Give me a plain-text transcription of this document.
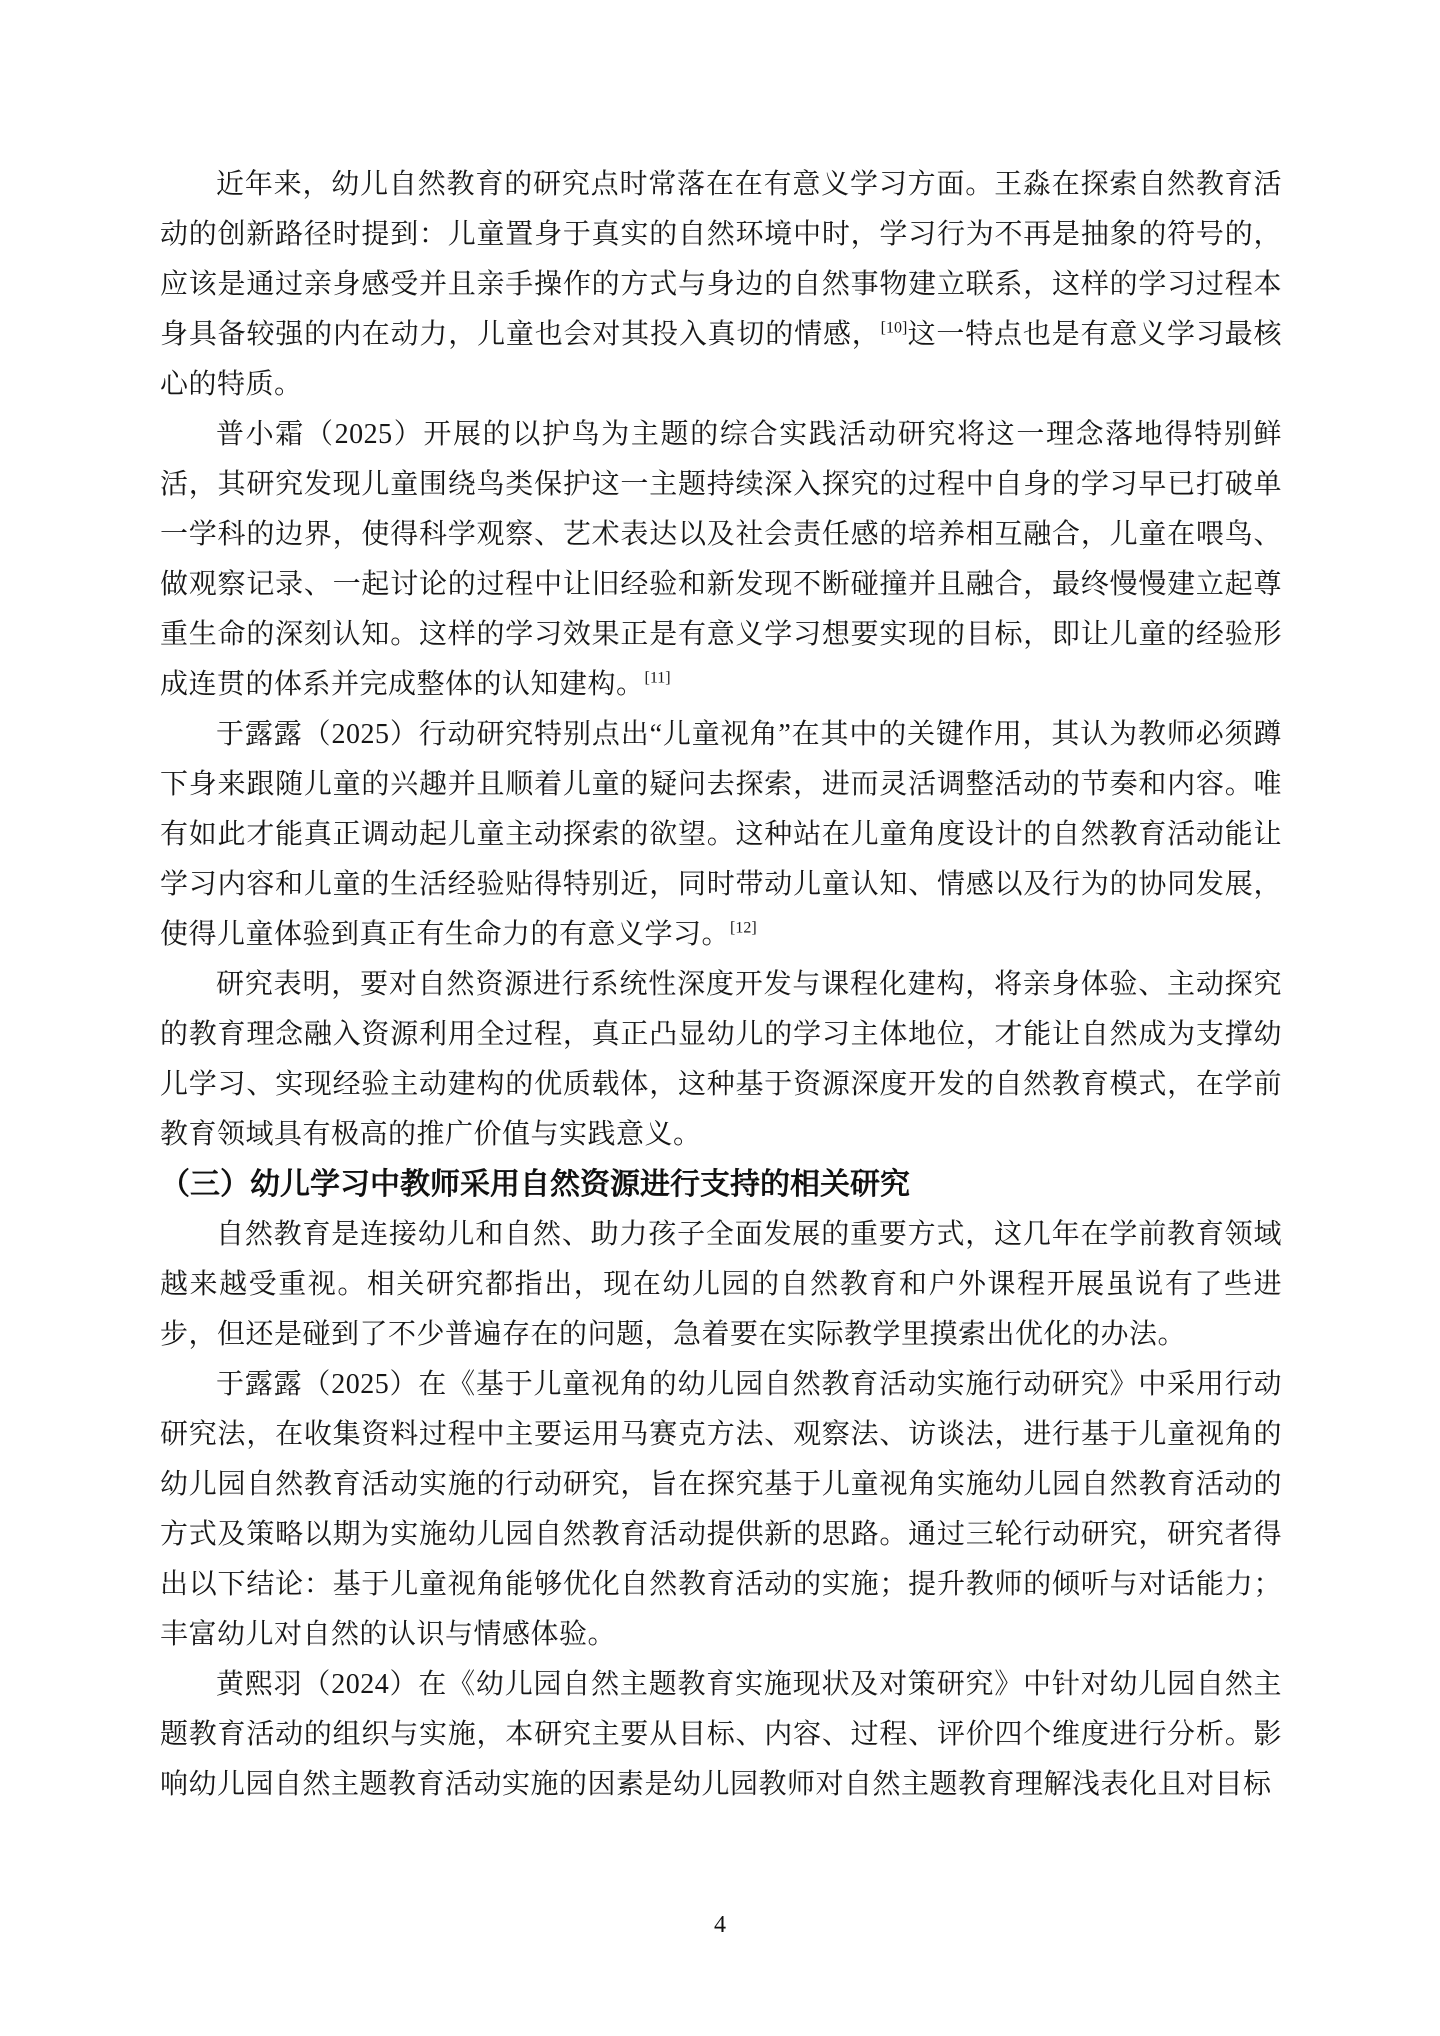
近年来，幼儿自然教育的研究点时常落在在有意义学习方面。王淼在探索自然教育活动的创新路径时提到：儿童置身于真实的自然环境中时，学习行为不再是抽象的符号的，应该是通过亲身感受并且亲手操作的方式与身边的自然事物建立联系，这样的学习过程本身具备较强的内在动力，儿童也会对其投入真切的情感，[10]这一特点也是有意义学习最核心的特质。

普小霜（2025）开展的以护鸟为主题的综合实践活动研究将这一理念落地得特别鲜活，其研究发现儿童围绕鸟类保护这一主题持续深入探究的过程中自身的学习早已打破单一学科的边界，使得科学观察、艺术表达以及社会责任感的培养相互融合，儿童在喂鸟、做观察记录、一起讨论的过程中让旧经验和新发现不断碰撞并且融合，最终慢慢建立起尊重生命的深刻认知。这样的学习效果正是有意义学习想要实现的目标，即让儿童的经验形成连贯的体系并完成整体的认知建构。[11]

于露露（2025）行动研究特别点出“儿童视角”在其中的关键作用，其认为教师必须蹲下身来跟随儿童的兴趣并且顺着儿童的疑问去探索，进而灵活调整活动的节奏和内容。唯有如此才能真正调动起儿童主动探索的欲望。这种站在儿童角度设计的自然教育活动能让学习内容和儿童的生活经验贴得特别近，同时带动儿童认知、情感以及行为的协同发展，使得儿童体验到真正有生命力的有意义学习。[12]

研究表明，要对自然资源进行系统性深度开发与课程化建构，将亲身体验、主动探究的教育理念融入资源利用全过程，真正凸显幼儿的学习主体地位，才能让自然成为支撑幼儿学习、实现经验主动建构的优质载体，这种基于资源深度开发的自然教育模式，在学前教育领域具有极高的推广价值与实践意义。

（三）幼儿学习中教师采用自然资源进行支持的相关研究

自然教育是连接幼儿和自然、助力孩子全面发展的重要方式，这几年在学前教育领域越来越受重视。相关研究都指出，现在幼儿园的自然教育和户外课程开展虽说有了些进步，但还是碰到了不少普遍存在的问题，急着要在实际教学里摸索出优化的办法。

于露露（2025）在《基于儿童视角的幼儿园自然教育活动实施行动研究》中采用行动研究法，在收集资料过程中主要运用马赛克方法、观察法、访谈法，进行基于儿童视角的幼儿园自然教育活动实施的行动研究，旨在探究基于儿童视角实施幼儿园自然教育活动的方式及策略以期为实施幼儿园自然教育活动提供新的思路。通过三轮行动研究，研究者得出以下结论：基于儿童视角能够优化自然教育活动的实施；提升教师的倾听与对话能力；丰富幼儿对自然的认识与情感体验。

黄熙羽（2024）在《幼儿园自然主题教育实施现状及对策研究》中针对幼儿园自然主题教育活动的组织与实施，本研究主要从目标、内容、过程、评价四个维度进行分析。影响幼儿园自然主题教育活动实施的因素是幼儿园教师对自然主题教育理解浅表化且对目标

4
